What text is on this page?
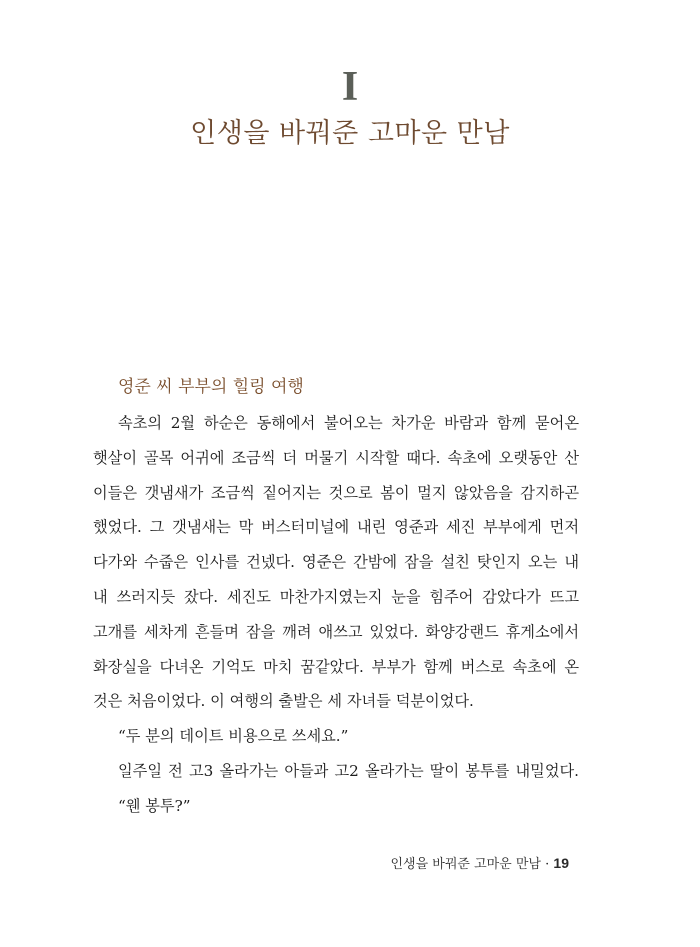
I
인생을 바꿔준 고마운 만남
영준 씨 부부의 힐링 여행
속초의 2월 하순은 동해에서 불어오는 차가운 바람과 함께 묻어온
햇살이 골목 어귀에 조금씩 더 머물기 시작할 때다. 속초에 오랫동안 산
이들은 갯냄새가 조금씩 짙어지는 것으로 봄이 멀지 않았음을 감지하곤
했었다. 그 갯냄새는 막 버스터미널에 내린 영준과 세진 부부에게 먼저
다가와 수줍은 인사를 건넸다. 영준은 간밤에 잠을 설친 탓인지 오는 내
내 쓰러지듯 잤다. 세진도 마찬가지였는지 눈을 힘주어 감았다가 뜨고
고개를 세차게 흔들며 잠을 깨려 애쓰고 있었다. 화양강랜드 휴게소에서
화장실을 다녀온 기억도 마치 꿈같았다. 부부가 함께 버스로 속초에 온
것은 처음이었다. 이 여행의 출발은 세 자녀들 덕분이었다.
“두 분의 데이트 비용으로 쓰세요.”
일주일 전 고3 올라가는 아들과 고2 올라가는 딸이 봉투를 내밀었다.
“웬 봉투?”
인생을 바꿔준 고마운 만남 · 19
